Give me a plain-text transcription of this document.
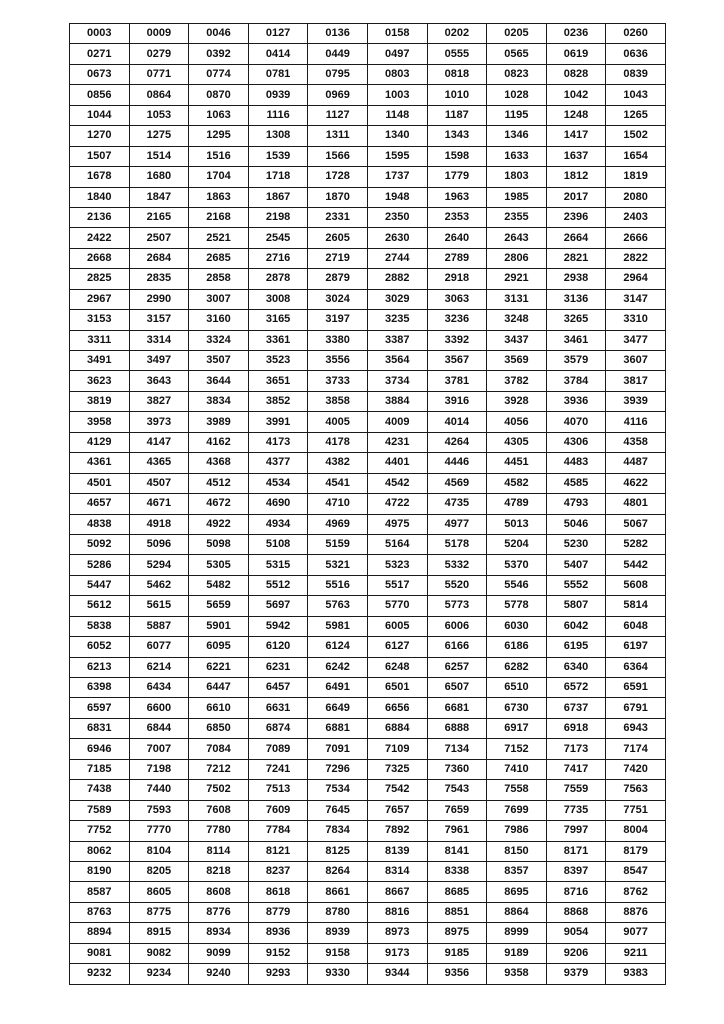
0003	0009	0046	0127	0136	0158	0202	0205	0236	0260
0271	0279	0392	0414	0449	0497	0555	0565	0619	0636
0673	0771	0774	0781	0795	0803	0818	0823	0828	0839
0856	0864	0870	0939	0969	1003	1010	1028	1042	1043
1044	1053	1063	1116	1127	1148	1187	1195	1248	1265
1270	1275	1295	1308	1311	1340	1343	1346	1417	1502
1507	1514	1516	1539	1566	1595	1598	1633	1637	1654
1678	1680	1704	1718	1728	1737	1779	1803	1812	1819
1840	1847	1863	1867	1870	1948	1963	1985	2017	2080
2136	2165	2168	2198	2331	2350	2353	2355	2396	2403
2422	2507	2521	2545	2605	2630	2640	2643	2664	2666
2668	2684	2685	2716	2719	2744	2789	2806	2821	2822
2825	2835	2858	2878	2879	2882	2918	2921	2938	2964
2967	2990	3007	3008	3024	3029	3063	3131	3136	3147
3153	3157	3160	3165	3197	3235	3236	3248	3265	3310
3311	3314	3324	3361	3380	3387	3392	3437	3461	3477
3491	3497	3507	3523	3556	3564	3567	3569	3579	3607
3623	3643	3644	3651	3733	3734	3781	3782	3784	3817
3819	3827	3834	3852	3858	3884	3916	3928	3936	3939
3958	3973	3989	3991	4005	4009	4014	4056	4070	4116
4129	4147	4162	4173	4178	4231	4264	4305	4306	4358
4361	4365	4368	4377	4382	4401	4446	4451	4483	4487
4501	4507	4512	4534	4541	4542	4569	4582	4585	4622
4657	4671	4672	4690	4710	4722	4735	4789	4793	4801
4838	4918	4922	4934	4969	4975	4977	5013	5046	5067
5092	5096	5098	5108	5159	5164	5178	5204	5230	5282
5286	5294	5305	5315	5321	5323	5332	5370	5407	5442
5447	5462	5482	5512	5516	5517	5520	5546	5552	5608
5612	5615	5659	5697	5763	5770	5773	5778	5807	5814
5838	5887	5901	5942	5981	6005	6006	6030	6042	6048
6052	6077	6095	6120	6124	6127	6166	6186	6195	6197
6213	6214	6221	6231	6242	6248	6257	6282	6340	6364
6398	6434	6447	6457	6491	6501	6507	6510	6572	6591
6597	6600	6610	6631	6649	6656	6681	6730	6737	6791
6831	6844	6850	6874	6881	6884	6888	6917	6918	6943
6946	7007	7084	7089	7091	7109	7134	7152	7173	7174
7185	7198	7212	7241	7296	7325	7360	7410	7417	7420
7438	7440	7502	7513	7534	7542	7543	7558	7559	7563
7589	7593	7608	7609	7645	7657	7659	7699	7735	7751
7752	7770	7780	7784	7834	7892	7961	7986	7997	8004
8062	8104	8114	8121	8125	8139	8141	8150	8171	8179
8190	8205	8218	8237	8264	8314	8338	8357	8397	8547
8587	8605	8608	8618	8661	8667	8685	8695	8716	8762
8763	8775	8776	8779	8780	8816	8851	8864	8868	8876
8894	8915	8934	8936	8939	8973	8975	8999	9054	9077
9081	9082	9099	9152	9158	9173	9185	9189	9206	9211
9232	9234	9240	9293	9330	9344	9356	9358	9379	9383
